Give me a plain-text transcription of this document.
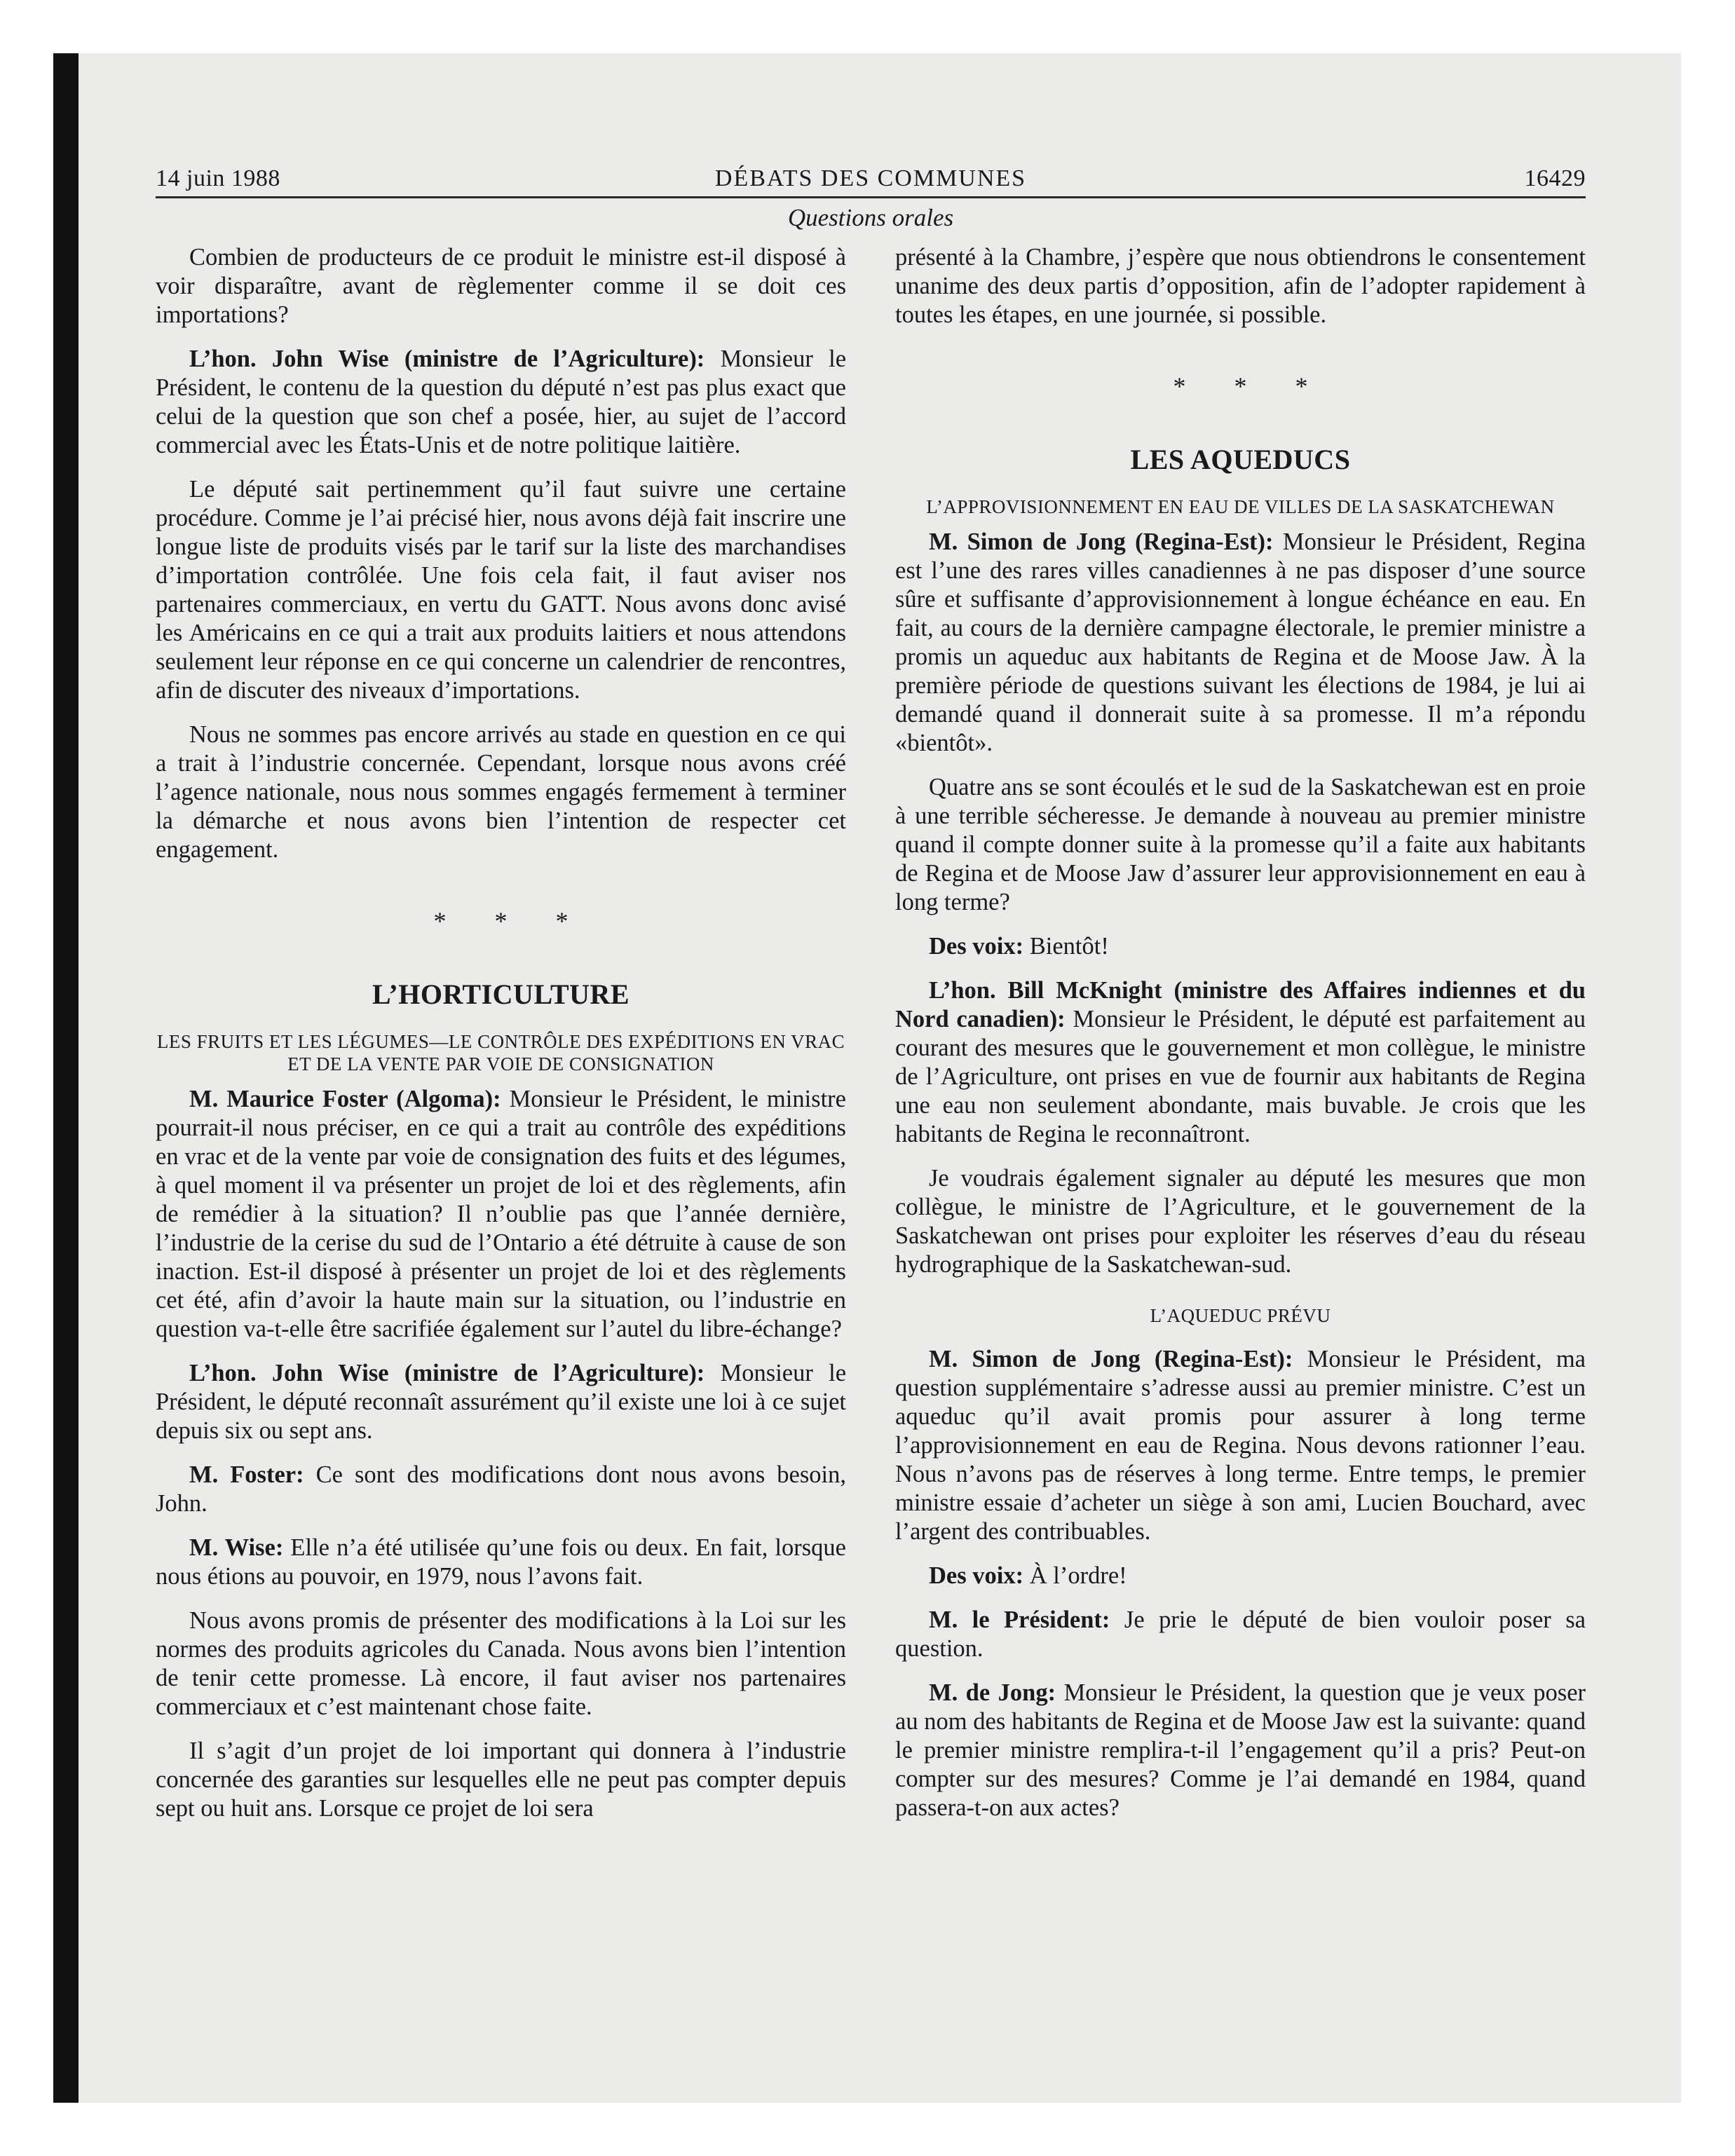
14 juin 1988	DÉBATS DES COMMUNES	16429
Questions orales

Combien de producteurs de ce produit le ministre est-il disposé à voir disparaître, avant de règlementer comme il se doit ces importations?

L’hon. John Wise (ministre de l’Agriculture): Monsieur le Président, le contenu de la question du député n’est pas plus exact que celui de la question que son chef a posée, hier, au sujet de l’accord commercial avec les États-Unis et de notre politique laitière.

Le député sait pertinemment qu’il faut suivre une certaine procédure. Comme je l’ai précisé hier, nous avons déjà fait inscrire une longue liste de produits visés par le tarif sur la liste des marchandises d’importation contrôlée. Une fois cela fait, il faut aviser nos partenaires commerciaux, en vertu du GATT. Nous avons donc avisé les Américains en ce qui a trait aux produits laitiers et nous attendons seulement leur réponse en ce qui concerne un calendrier de rencontres, afin de discuter des niveaux d’importations.

Nous ne sommes pas encore arrivés au stade en question en ce qui a trait à l’industrie concernée. Cependant, lorsque nous avons créé l’agence nationale, nous nous sommes engagés fermement à terminer la démarche et nous avons bien l’intention de respecter cet engagement.

* * *
L’HORTICULTURE
LES FRUITS ET LES LÉGUMES—LE CONTRÔLE DES EXPÉDITIONS EN VRAC ET DE LA VENTE PAR VOIE DE CONSIGNATION

M. Maurice Foster (Algoma): Monsieur le Président, le ministre pourrait-il nous préciser, en ce qui a trait au contrôle des expéditions en vrac et de la vente par voie de consignation des fuits et des légumes, à quel moment il va présenter un projet de loi et des règlements, afin de remédier à la situation? Il n’oublie pas que l’année dernière, l’industrie de la cerise du sud de l’Ontario a été détruite à cause de son inaction. Est-il disposé à présenter un projet de loi et des règlements cet été, afin d’avoir la haute main sur la situation, ou l’industrie en question va-t-elle être sacrifiée également sur l’autel du libre-échange?

L’hon. John Wise (ministre de l’Agriculture): Monsieur le Président, le député reconnaît assurément qu’il existe une loi à ce sujet depuis six ou sept ans.

M. Foster: Ce sont des modifications dont nous avons besoin, John.

M. Wise: Elle n’a été utilisée qu’une fois ou deux. En fait, lorsque nous étions au pouvoir, en 1979, nous l’avons fait.

Nous avons promis de présenter des modifications à la Loi sur les normes des produits agricoles du Canada. Nous avons bien l’intention de tenir cette promesse. Là encore, il faut aviser nos partenaires commerciaux et c’est maintenant chose faite.

Il s’agit d’un projet de loi important qui donnera à l’industrie concernée des garanties sur lesquelles elle ne peut pas compter depuis sept ou huit ans. Lorsque ce projet de loi sera

présenté à la Chambre, j’espère que nous obtiendrons le consentement unanime des deux partis d’opposition, afin de l’adopter rapidement à toutes les étapes, en une journée, si possible.

* * *
LES AQUEDUCS
L’APPROVISIONNEMENT EN EAU DE VILLES DE LA SASKATCHEWAN

M. Simon de Jong (Regina-Est): Monsieur le Président, Regina est l’une des rares villes canadiennes à ne pas disposer d’une source sûre et suffisante d’approvisionnement à longue échéance en eau. En fait, au cours de la dernière campagne électorale, le premier ministre a promis un aqueduc aux habitants de Regina et de Moose Jaw. À la première période de questions suivant les élections de 1984, je lui ai demandé quand il donnerait suite à sa promesse. Il m’a répondu «bientôt».

Quatre ans se sont écoulés et le sud de la Saskatchewan est en proie à une terrible sécheresse. Je demande à nouveau au premier ministre quand il compte donner suite à la promesse qu’il a faite aux habitants de Regina et de Moose Jaw d’assurer leur approvisionnement en eau à long terme?

Des voix: Bientôt!

L’hon. Bill McKnight (ministre des Affaires indiennes et du Nord canadien): Monsieur le Président, le député est parfaitement au courant des mesures que le gouvernement et mon collègue, le ministre de l’Agriculture, ont prises en vue de fournir aux habitants de Regina une eau non seulement abondante, mais buvable. Je crois que les habitants de Regina le reconnaîtront.

Je voudrais également signaler au député les mesures que mon collègue, le ministre de l’Agriculture, et le gouvernement de la Saskatchewan ont prises pour exploiter les réserves d’eau du réseau hydrographique de la Saskatchewan-sud.

L’AQUEDUC PRÉVU

M. Simon de Jong (Regina-Est): Monsieur le Président, ma question supplémentaire s’adresse aussi au premier ministre. C’est un aqueduc qu’il avait promis pour assurer à long terme l’approvisionnement en eau de Regina. Nous devons rationner l’eau. Nous n’avons pas de réserves à long terme. Entre temps, le premier ministre essaie d’acheter un siège à son ami, Lucien Bouchard, avec l’argent des contribuables.

Des voix: À l’ordre!

M. le Président: Je prie le député de bien vouloir poser sa question.

M. de Jong: Monsieur le Président, la question que je veux poser au nom des habitants de Regina et de Moose Jaw est la suivante: quand le premier ministre remplira-t-il l’engagement qu’il a pris? Peut-on compter sur des mesures? Comme je l’ai demandé en 1984, quand passera-t-on aux actes?
